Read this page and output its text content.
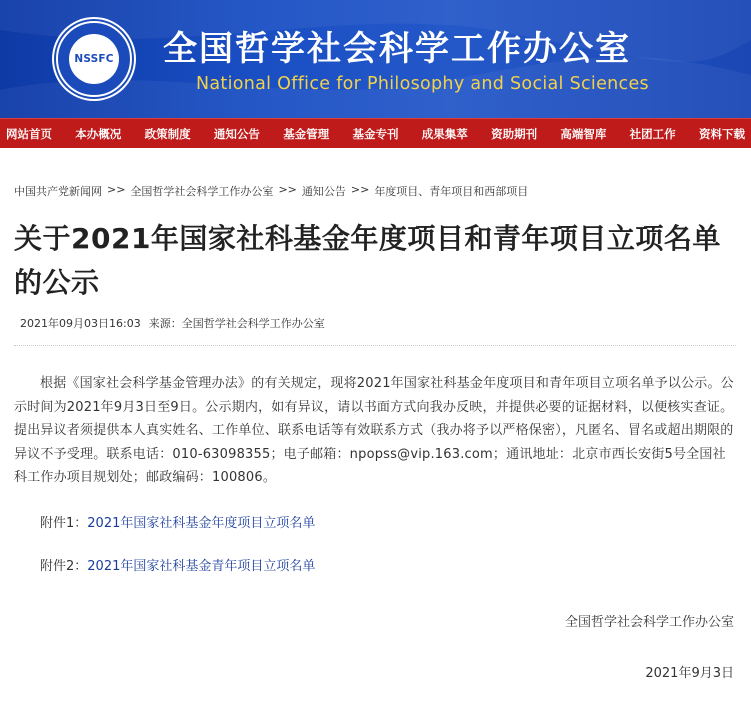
NSSFC 全国哲学社会科学工作办公室
National Office for Philosophy and Social Sciences
网站首页 本办概况 政策制度 通知公告 基金管理 基金专刊 成果集萃 资助期刊 高端智库 社团工作 资料下载
中国共产党新闻网 >> 全国哲学社会科学工作办公室 >> 通知公告 >> 年度项目、青年项目和西部项目
关于2021年国家社科基金年度项目和青年项目立项名单的公示
2021年09月03日16:03 来源：全国哲学社会科学工作办公室

根据《国家社会科学基金管理办法》的有关规定，现将2021年国家社科基金年度项目和青年项目立项名单予以公示。公示时间为2021年9月3日至9日。公示期内，如有异议，请以书面方式向我办反映，并提供必要的证据材料，以便核实查证。提出异议者须提供本人真实姓名、工作单位、联系电话等有效联系方式（我办将予以严格保密），凡匿名、冒名或超出期限的异议不予受理。联系电话：010-63098355；电子邮箱：npopss@vip.163.com；通讯地址：北京市西长安街5号全国社科工作办项目规划处；邮政编码：100806。

附件1：2021年国家社科基金年度项目立项名单
附件2：2021年国家社科基金青年项目立项名单
全国哲学社会科学工作办公室
2021年9月3日
